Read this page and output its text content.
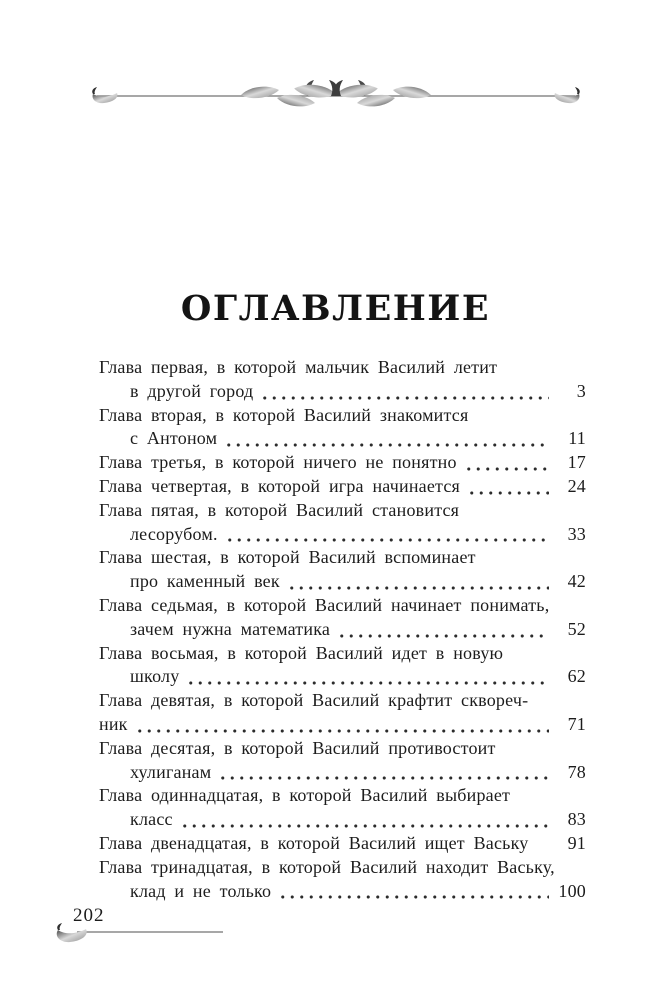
ОГЛАВЛЕНИЕ
Глава первая, в которой мальчик Василий летит
в другой город	3
Глава вторая, в которой Василий знакомится
с Антоном	11
Глава третья, в которой ничего не понятно	17
Глава четвертая, в которой игра начинается	24
Глава пятая, в которой Василий становится
лесорубом.	33
Глава шестая, в которой Василий вспоминает
про каменный век	42
Глава седьмая, в которой Василий начинает понимать,
зачем нужна математика	52
Глава восьмая, в которой Василий идет в новую
школу	62
Глава девятая, в которой Василий крафтит сквореч-
ник	71
Глава десятая, в которой Василий противостоит
хулиганам	78
Глава одиннадцатая, в которой Василий выбирает
класс	83
Глава двенадцатая, в которой Василий ищет Ваську	91
Глава тринадцатая, в которой Василий находит Ваську,
клад и не только	100
202
